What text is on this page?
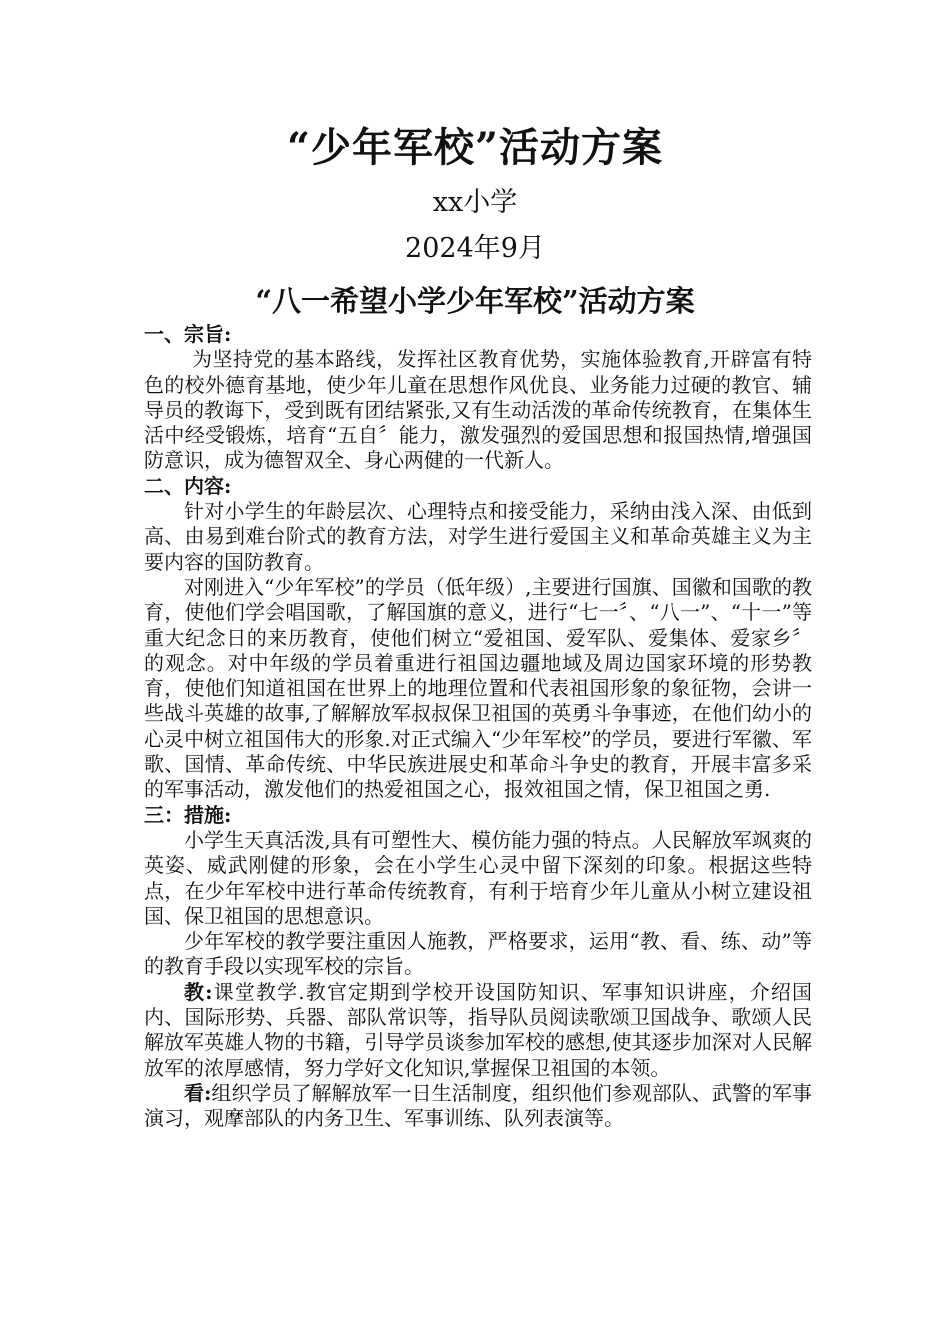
“少年军校”活动方案
xx小学
2024年9月
“八一希望小学少年军校”活动方案

一、宗旨:

为坚持党的基本路线，发挥社区教育优势，实施体验教育,开辟富有特色的校外德育基地，使少年儿童在思想作风优良、业务能力过硬的教官、辅导员的教诲下，受到既有团结紧张,又有生动活泼的革命传统教育，在集体生活中经受锻炼，培育“五自〞能力，激发强烈的爱国思想和报国热情,增强国防意识，成为德智双全、身心两健的一代新人。

二、内容:

针对小学生的年龄层次、心理特点和接受能力，采纳由浅入深、由低到高、由易到难台阶式的教育方法，对学生进行爱国主义和革命英雄主义为主要内容的国防教育。

对刚进入“少年军校”的学员（低年级）,主要进行国旗、国徽和国歌的教育，使他们学会唱国歌，了解国旗的意义，进行“七一〞、“八一”、“十一”等重大纪念日的来历教育，使他们树立“爱祖国、爱军队、爱集体、爱家乡〞的观念。对中年级的学员着重进行祖国边疆地域及周边国家环境的形势教育，使他们知道祖国在世界上的地理位置和代表祖国形象的象征物，会讲一些战斗英雄的故事,了解解放军叔叔保卫祖国的英勇斗争事迹，在他们幼小的心灵中树立祖国伟大的形象.对正式编入“少年军校”的学员，要进行军徽、军歌、国情、革命传统、中华民族进展史和革命斗争史的教育，开展丰富多采的军事活动，激发他们的热爱祖国之心，报效祖国之情，保卫祖国之勇.

三：措施:

小学生天真活泼,具有可塑性大、模仿能力强的特点。人民解放军飒爽的英姿、威武刚健的形象，会在小学生心灵中留下深刻的印象。根据这些特点，在少年军校中进行革命传统教育，有利于培育少年儿童从小树立建设祖国、保卫祖国的思想意识。

少年军校的教学要注重因人施教，严格要求，运用“教、看、练、动”等的教育手段以实现军校的宗旨。

教:课堂教学.教官定期到学校开设国防知识、军事知识讲座，介绍国内、国际形势、兵器、部队常识等，指导队员阅读歌颂卫国战争、歌颂人民解放军英雄人物的书籍，引导学员谈参加军校的感想,使其逐步加深对人民解放军的浓厚感情，努力学好文化知识,掌握保卫祖国的本领。

看:组织学员了解解放军一日生活制度，组织他们参观部队、武警的军事演习，观摩部队的内务卫生、军事训练、队列表演等。
